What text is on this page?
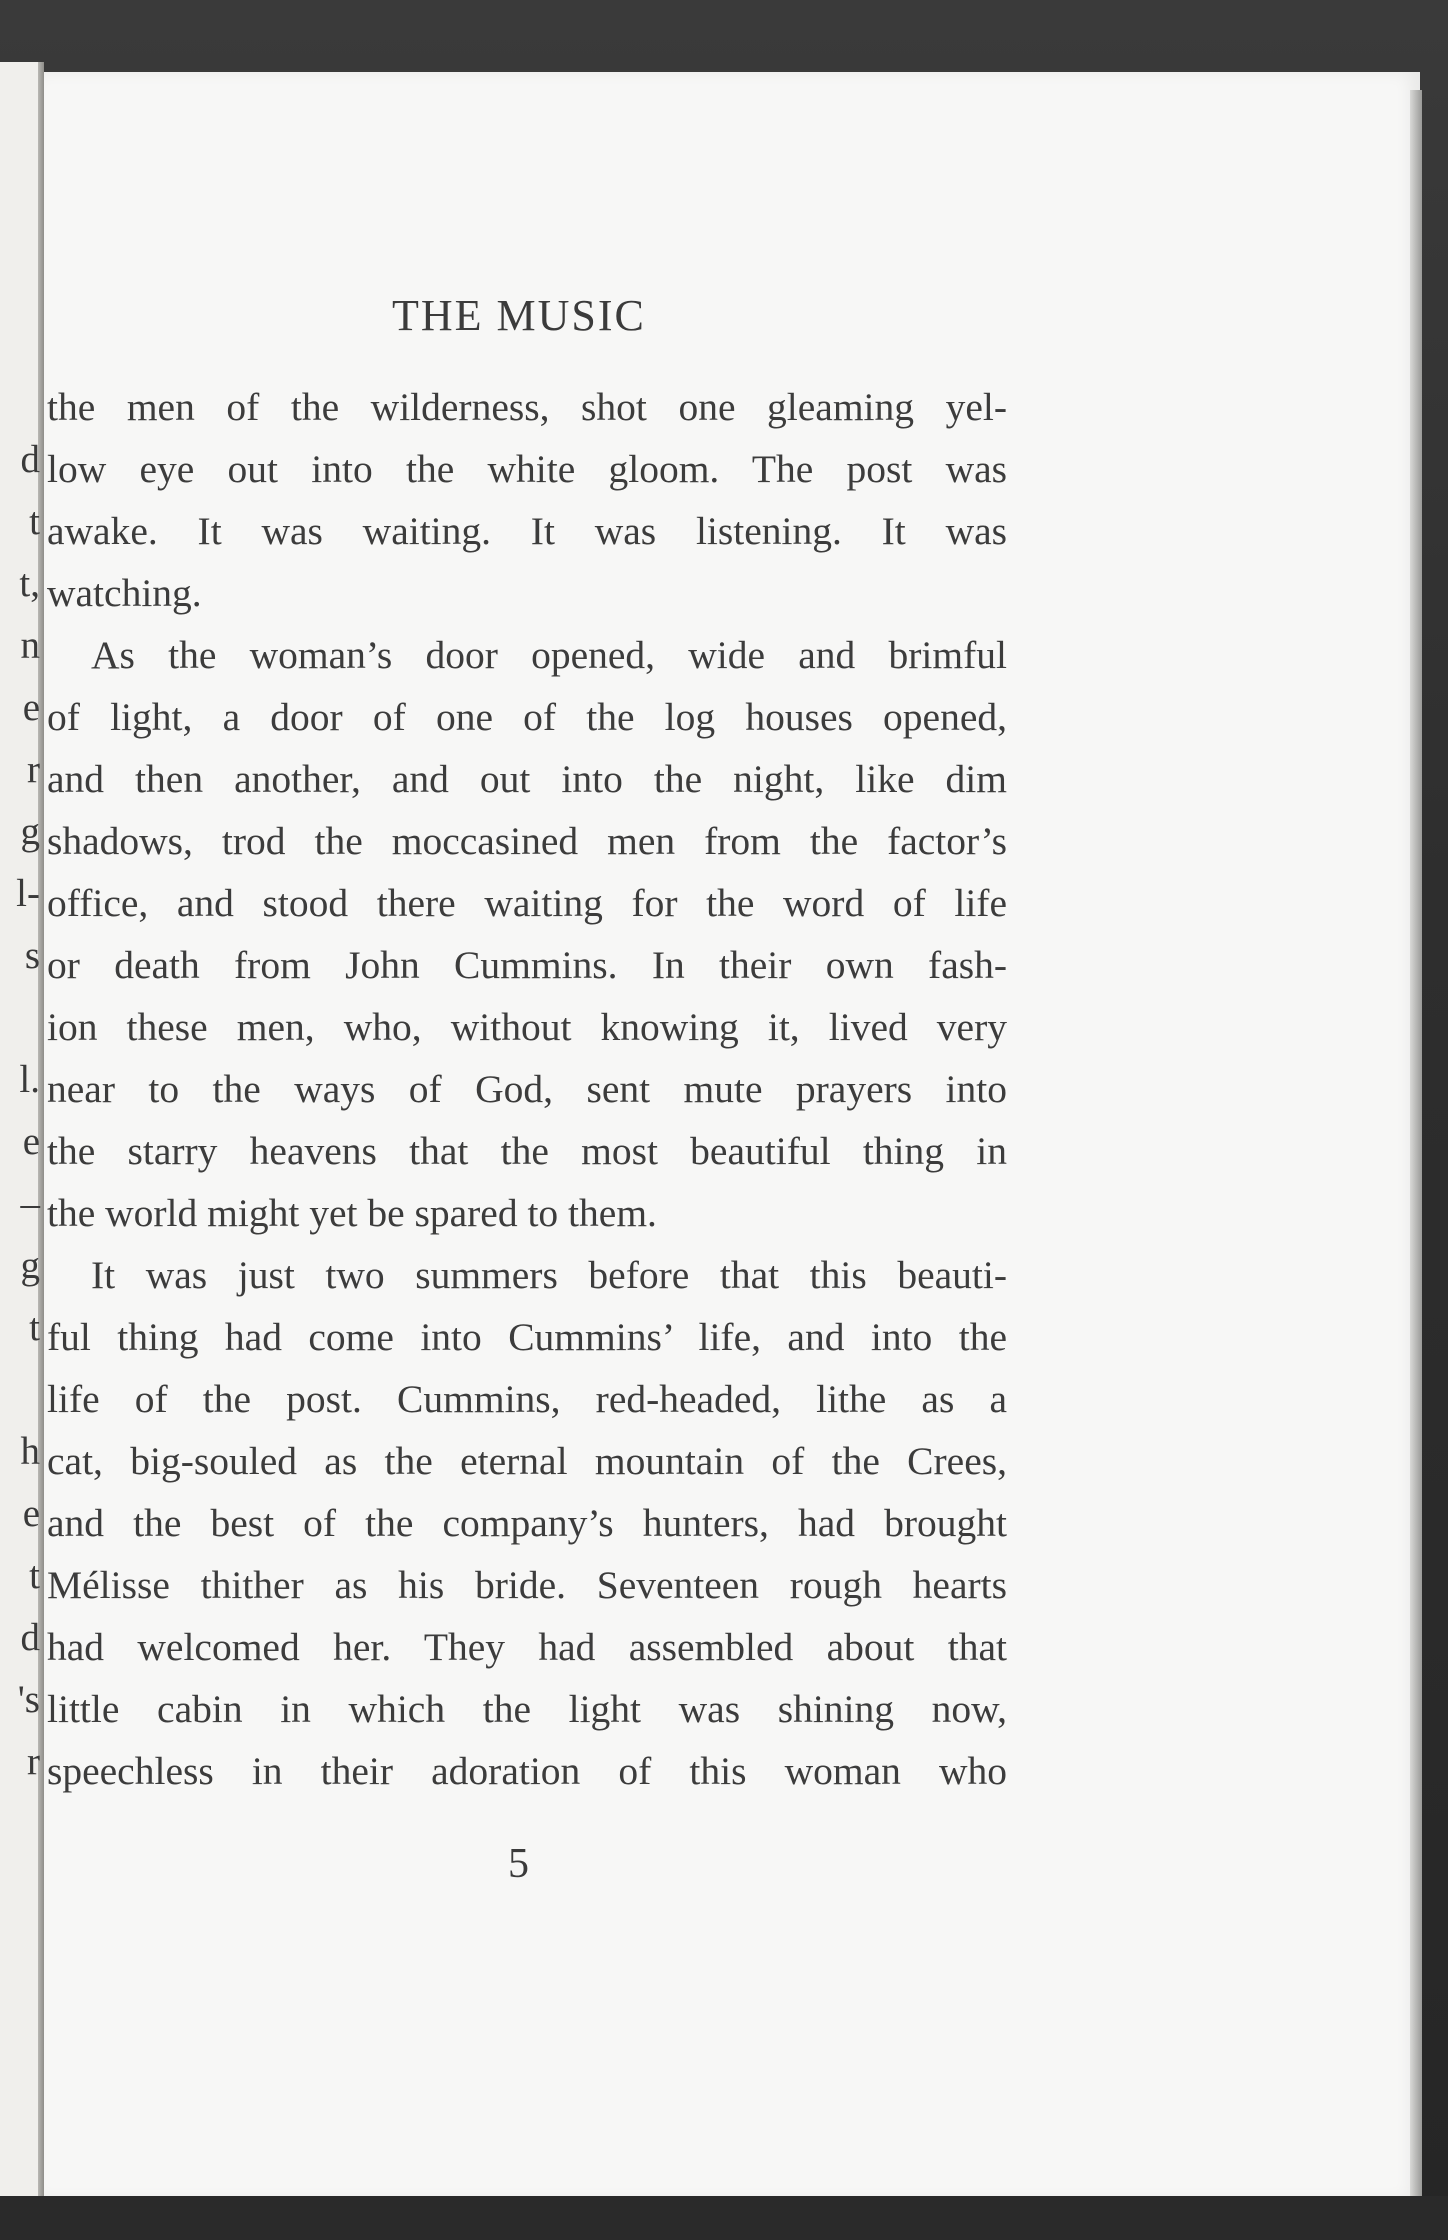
d
t
t,
n
e
r
g
l-
s
l.
e
–
g
t
h
e
t
d
's
r
THE MUSIC
the men of the wilderness, shot one gleaming yel-
low eye out into the white gloom. The post was
awake. It was waiting. It was listening. It was
watching.
As the woman’s door opened, wide and brimful
of light, a door of one of the log houses opened,
and then another, and out into the night, like dim
shadows, trod the moccasined men from the factor’s
office, and stood there waiting for the word of life
or death from John Cummins. In their own fash-
ion these men, who, without knowing it, lived very
near to the ways of God, sent mute prayers into
the starry heavens that the most beautiful thing in
the world might yet be spared to them.
It was just two summers before that this beauti-
ful thing had come into Cummins’ life, and into the
life of the post. Cummins, red-headed, lithe as a
cat, big-souled as the eternal mountain of the Crees,
and the best of the company’s hunters, had brought
Mélisse thither as his bride. Seventeen rough hearts
had welcomed her. They had assembled about that
little cabin in which the light was shining now,
speechless in their adoration of this woman who
5
